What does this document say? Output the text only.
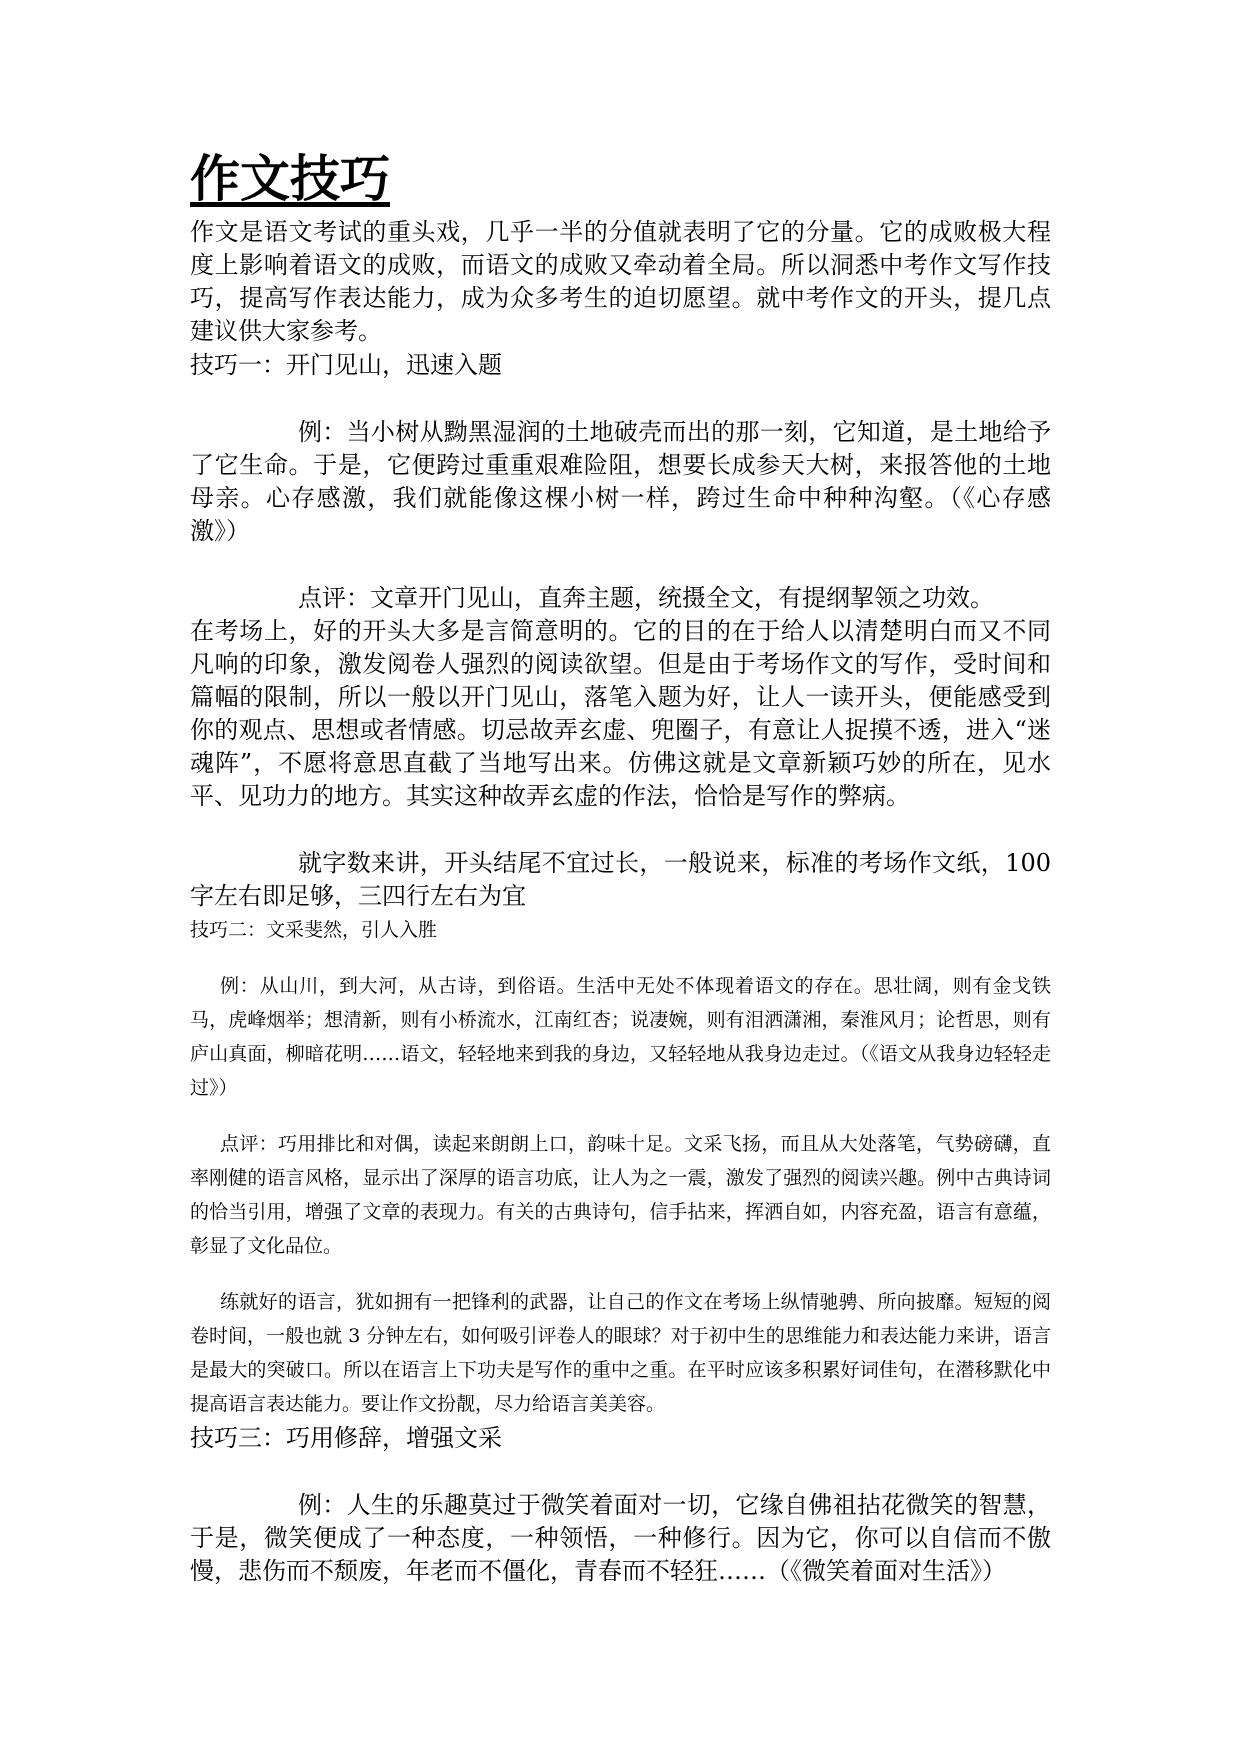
作文技巧

作文是语文考试的重头戏，几乎一半的分值就表明了它的分量。它的成败极大程度上影响着语文的成败，而语文的成败又牵动着全局。所以洞悉中考作文写作技巧，提高写作表达能力，成为众多考生的迫切愿望。就中考作文的开头，提几点建议供大家参考。

技巧一：开门见山，迅速入题

例：当小树从黝黑湿润的土地破壳而出的那一刻，它知道，是土地给予了它生命。于是，它便跨过重重艰难险阻，想要长成参天大树，来报答他的土地母亲。心存感激，我们就能像这棵小树一样，跨过生命中种种沟壑。（《心存感激》）

点评：文章开门见山，直奔主题，统摄全文，有提纲挈领之功效。

在考场上，好的开头大多是言简意明的。它的目的在于给人以清楚明白而又不同凡响的印象，激发阅卷人强烈的阅读欲望。但是由于考场作文的写作，受时间和篇幅的限制，所以一般以开门见山，落笔入题为好，让人一读开头，便能感受到你的观点、思想或者情感。切忌故弄玄虚、兜圈子，有意让人捉摸不透，进入“迷魂阵”，不愿将意思直截了当地写出来。仿佛这就是文章新颖巧妙的所在，见水平、见功力的地方。其实这种故弄玄虚的作法，恰恰是写作的弊病。

就字数来讲，开头结尾不宜过长，一般说来，标准的考场作文纸，100字左右即足够，三四行左右为宜

技巧二：文采斐然，引人入胜

例：从山川，到大河，从古诗，到俗语。生活中无处不体现着语文的存在。思壮阔，则有金戈铁马，虎峰烟举；想清新，则有小桥流水，江南红杏；说凄婉，则有泪洒潇湘，秦淮风月；论哲思，则有庐山真面，柳暗花明……语文，轻轻地来到我的身边，又轻轻地从我身边走过。（《语文从我身边轻轻走过》）

点评：巧用排比和对偶，读起来朗朗上口，韵味十足。文采飞扬，而且从大处落笔，气势磅礴，直率刚健的语言风格，显示出了深厚的语言功底，让人为之一震，激发了强烈的阅读兴趣。例中古典诗词的恰当引用，增强了文章的表现力。有关的古典诗句，信手拈来，挥洒自如，内容充盈，语言有意蕴，彰显了文化品位。

练就好的语言，犹如拥有一把锋利的武器，让自己的作文在考场上纵情驰骋、所向披靡。短短的阅卷时间，一般也就 3 分钟左右，如何吸引评卷人的眼球？对于初中生的思维能力和表达能力来讲，语言是最大的突破口。所以在语言上下功夫是写作的重中之重。在平时应该多积累好词佳句，在潜移默化中提高语言表达能力。要让作文扮靓，尽力给语言美美容。

技巧三：巧用修辞，增强文采

例：人生的乐趣莫过于微笑着面对一切，它缘自佛祖拈花微笑的智慧，于是，微笑便成了一种态度，一种领悟，一种修行。因为它，你可以自信而不傲慢，悲伤而不颓废，年老而不僵化，青春而不轻狂……（《微笑着面对生活》）
